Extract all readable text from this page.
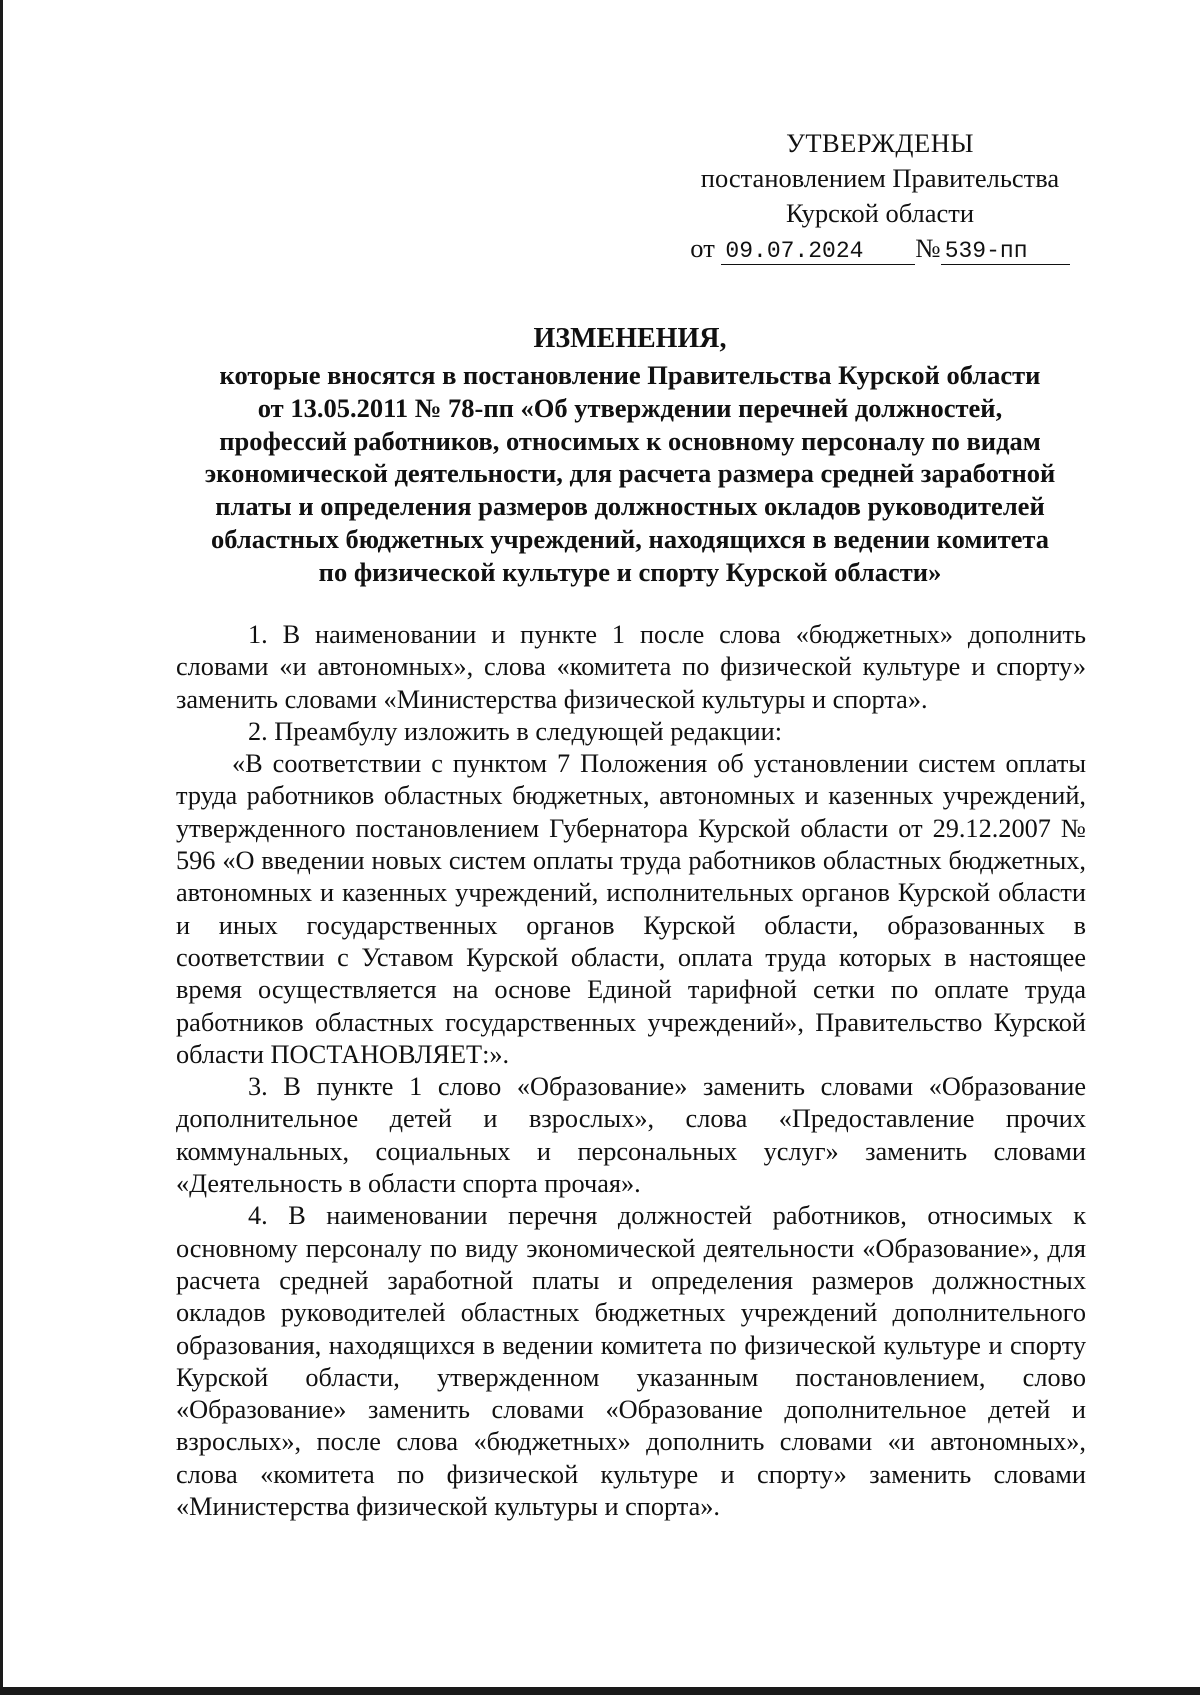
УТВЕРЖДЕНЫ
постановлением Правительства
Курской области
от 09.07.2024 № 539-пп
ИЗМЕНЕНИЯ,
которые вносятся в постановление Правительства Курской области
от 13.05.2011 № 78-пп «Об утверждении перечней должностей,
профессий работников, относимых к основному персоналу по видам
экономической деятельности, для расчета размера средней заработной
платы и определения размеров должностных окладов руководителей
областных бюджетных учреждений, находящихся в ведении комитета
по физической культуре и спорту Курской области»

1. В наименовании и пункте 1 после слова «бюджетных» дополнить словами «и автономных», слова «комитета по физической культуре и спорту» заменить словами «Министерства физической культуры и спорта».

2. Преамбулу изложить в следующей редакции:

«В соответствии с пунктом 7 Положения об установлении систем оплаты труда работников областных бюджетных, автономных и казенных учреждений, утвержденного постановлением Губернатора Курской области от 29.12.2007 № 596 «О введении новых систем оплаты труда работников областных бюджетных, автономных и казенных учреждений, исполнительных органов Курской области и иных государственных органов Курской области, образованных в соответствии с Уставом Курской области, оплата труда которых в настоящее время осуществляется на основе Единой тарифной сетки по оплате труда работников областных государственных учреждений», Правительство Курской области ПОСТАНОВЛЯЕТ:».

3. В пункте 1 слово «Образование» заменить словами «Образование дополнительное детей и взрослых», слова «Предоставление прочих коммунальных, социальных и персональных услуг» заменить словами «Деятельность в области спорта прочая».

4. В наименовании перечня должностей работников, относимых к основному персоналу по виду экономической деятельности «Образование», для расчета средней заработной платы и определения размеров должностных окладов руководителей областных бюджетных учреждений дополнительного образования, находящихся в ведении комитета по физической культуре и спорту Курской области, утвержденном указанным постановлением, слово «Образование» заменить словами «Образование дополнительное детей и взрослых», после слова «бюджетных» дополнить словами «и автономных», слова «комитета по физической культуре и спорту» заменить словами «Министерства физической культуры и спорта».
